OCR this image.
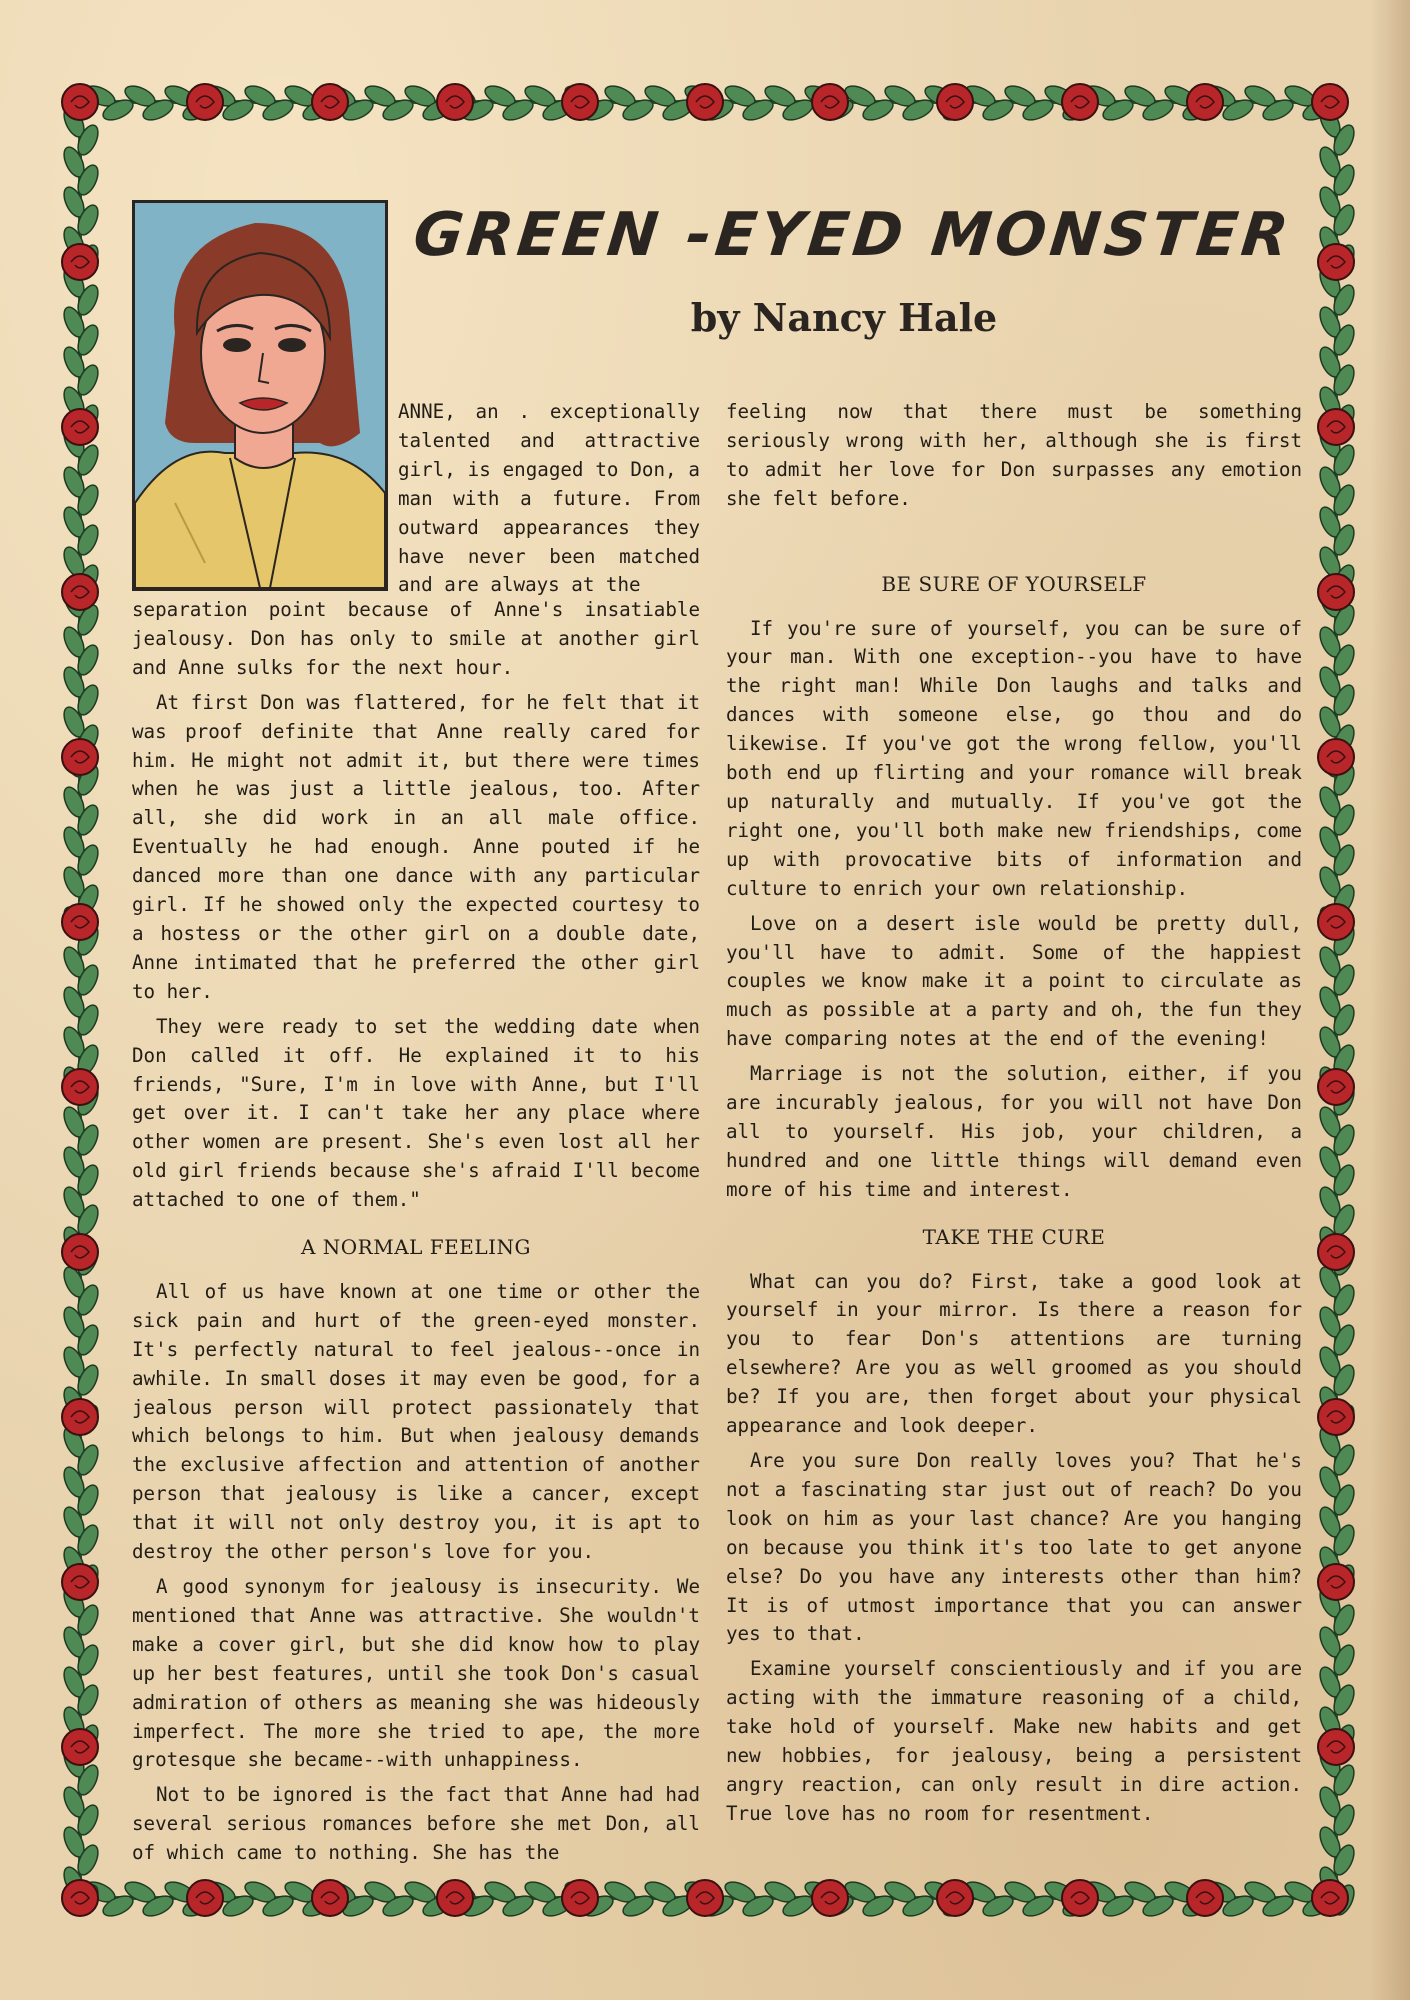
GREEN -EYED MONSTER
by Nancy Hale

ANNE, an . exceptionally talented and attractive girl, is engaged to Don, a man with a future. From outward appearances they have never been matched and are always at the

separation point because of Anne's insatiable jealousy. Don has only to smile at another girl and Anne sulks for the next hour.

At first Don was flattered, for he felt that it was proof definite that Anne really cared for him. He might not admit it, but there were times when he was just a little jealous, too. After all, she did work in an all male office. Eventually he had enough. Anne pouted if he danced more than one dance with any particular girl. If he showed only the expected courtesy to a hostess or the other girl on a double date, Anne intimated that he preferred the other girl to her.

They were ready to set the wedding date when Don called it off. He explained it to his friends, "Sure, I'm in love with Anne, but I'll get over it. I can't take her any place where other women are present. She's even lost all her old girl friends because she's afraid I'll become attached to one of them."

A NORMAL FEELING

All of us have known at one time or other the sick pain and hurt of the green-eyed monster. It's perfectly natural to feel jealous--once in awhile. In small doses it may even be good, for a jealous person will protect passionately that which belongs to him. But when jealousy demands the exclusive affection and attention of another person that jealousy is like a cancer, except that it will not only destroy you, it is apt to destroy the other person's love for you.

A good synonym for jealousy is insecurity. We mentioned that Anne was attractive. She wouldn't make a cover girl, but she did know how to play up her best features, until she took Don's casual admiration of others as meaning she was hideously imperfect. The more she tried to ape, the more grotesque she became--with unhappiness.

Not to be ignored is the fact that Anne had had several serious romances before she met Don, all of which came to nothing. She has the

feeling now that there must be something seriously wrong with her, although she is first to admit her love for Don surpasses any emotion she felt before.

BE SURE OF YOURSELF

If you're sure of yourself, you can be sure of your man. With one exception--you have to have the right man! While Don laughs and talks and dances with someone else, go thou and do likewise. If you've got the wrong fellow, you'll both end up flirting and your romance will break up naturally and mutually. If you've got the right one, you'll both make new friendships, come up with provocative bits of information and culture to enrich your own relationship.

Love on a desert isle would be pretty dull, you'll have to admit. Some of the happiest couples we know make it a point to circulate as much as possible at a party and oh, the fun they have comparing notes at the end of the evening!

Marriage is not the solution, either, if you are incurably jealous, for you will not have Don all to yourself. His job, your children, a hundred and one little things will demand even more of his time and interest.

TAKE THE CURE

What can you do? First, take a good look at yourself in your mirror. Is there a reason for you to fear Don's attentions are turning elsewhere? Are you as well groomed as you should be? If you are, then forget about your physical appearance and look deeper.

Are you sure Don really loves you? That he's not a fascinating star just out of reach? Do you look on him as your last chance? Are you hanging on because you think it's too late to get anyone else? Do you have any interests other than him? It is of utmost importance that you can answer yes to that.

Examine yourself conscientiously and if you are acting with the immature reasoning of a child, take hold of yourself. Make new habits and get new hobbies, for jealousy, being a persistent angry reaction, can only result in dire action. True love has no room for resentment.
